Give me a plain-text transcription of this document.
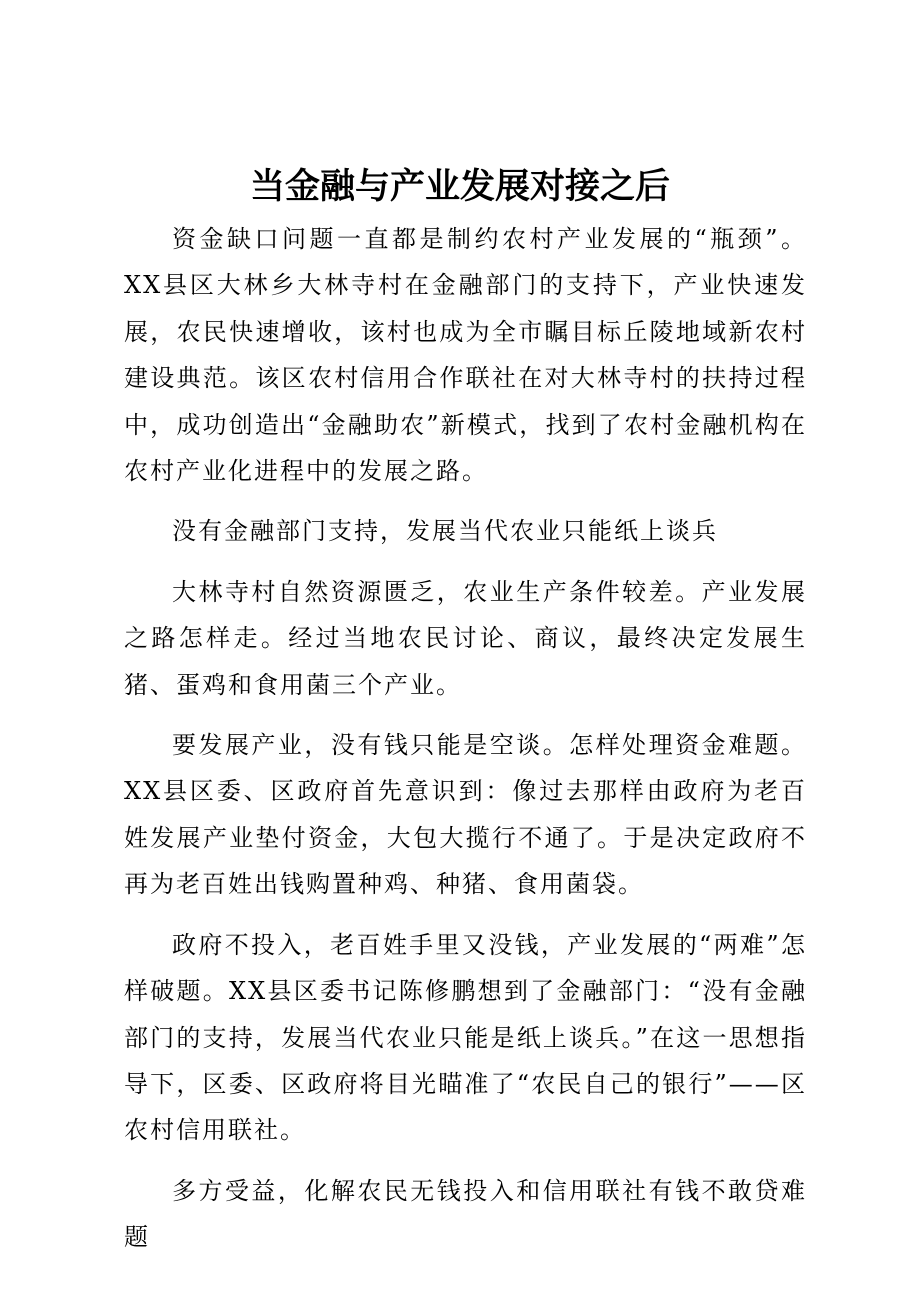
当金融与产业发展对接之后

资金缺口问题一直都是制约农村产业发展的“瓶颈”。XX县区大林乡大林寺村在金融部门的支持下，产业快速发展，农民快速增收，该村也成为全市瞩目标丘陵地域新农村建设典范。该区农村信用合作联社在对大林寺村的扶持过程中，成功创造出“金融助农”新模式，找到了农村金融机构在农村产业化进程中的发展之路。

没有金融部门支持，发展当代农业只能纸上谈兵

大林寺村自然资源匮乏，农业生产条件较差。产业发展之路怎样走。经过当地农民讨论、商议，最终决定发展生猪、蛋鸡和食用菌三个产业。

要发展产业，没有钱只能是空谈。怎样处理资金难题。XX县区委、区政府首先意识到：像过去那样由政府为老百姓发展产业垫付资金，大包大揽行不通了。于是决定政府不再为老百姓出钱购置种鸡、种猪、食用菌袋。

政府不投入，老百姓手里又没钱，产业发展的“两难”怎样破题。XX县区委书记陈修鹏想到了金融部门：“没有金融部门的支持，发展当代农业只能是纸上谈兵。”在这一思想指导下，区委、区政府将目光瞄准了“农民自己的银行”——区农村信用联社。

多方受益，化解农民无钱投入和信用联社有钱不敢贷难题
